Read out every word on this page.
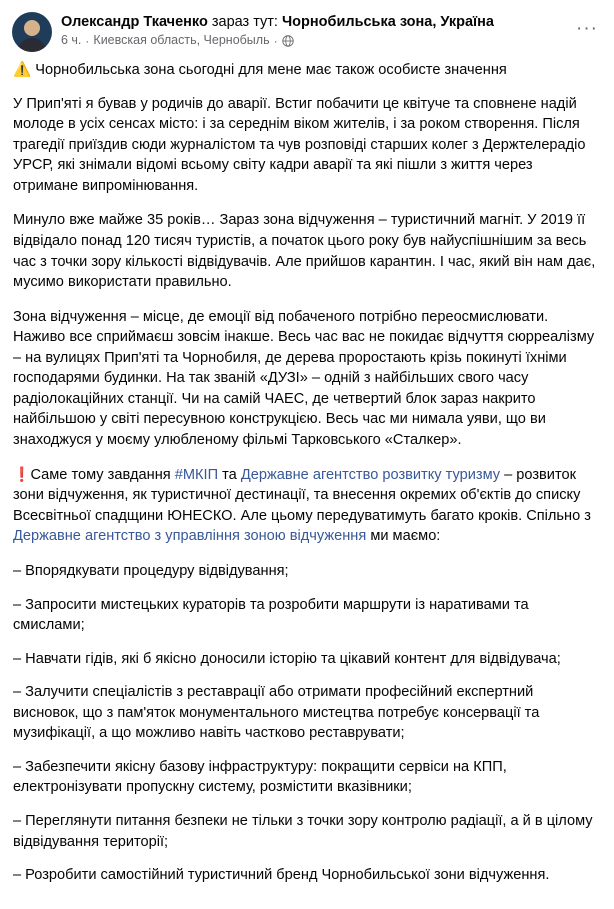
Олександр Ткаченко зараз тут: Чорнобильська зона, Україна
6 ч. · Киевская область, Чернобыль ·
···

⚠️ Чорнобильська зона сьогодні для мене має також особисте значення

У Прип'яті я бував у родичів до аварії. Встиг побачити це квітуче та сповнене надій молоде в усіх сенсах місто: і за середнім віком жителів, і за роком створення. Після трагедії приїздив сюди журналістом та чув розповіді старших колег з Держтелерадіо УРСР, які знімали відомі всьому світу кадри аварії та які пішли з життя через отримане випромінювання.

Минуло вже майже 35 років… Зараз зона відчуження – туристичний магніт. У 2019 її відвідало понад 120 тисяч туристів, а початок цього року був найуспішнішим за весь час з точки зору кількості відвідувачів. Але прийшов карантин. І час, який він нам дає, мусимо використати правильно.

Зона відчуження – місце, де емоції від побаченого потрібно переосмислювати. Наживо все сприймаєш зовсім інакше. Весь час вас не покидає відчуття сюрреалізму – на вулицях Прип'яті та Чорнобиля, де дерева проростають крізь покинуті їхніми господарями будинки. На так званій «ДУЗІ» – одній з найбільших свого часу радіолокаційних станції. Чи на самій ЧАЕС, де четвертий блок зараз накрито найбільшою у світі пересувною конструкцією. Весь час ми нимала уяви, що ви знаходжуся у моєму улюбленому фільмі Тарковського «Сталкер».

❗Саме тому завдання #МКІП та Державне агентство розвитку туризму – розвиток зони відчуження, як туристичної дестинації, та внесення окремих об'єктів до списку Всесвітньої спадщини ЮНЕСКО. Але цьому передуватимуть багато кроків. Спільно з Державне агентство з управління зоною відчуження ми маємо:

– Впорядкувати процедуру відвідування;

– Запросити мистецьких кураторів та розробити маршрути із наративами та смислами;

– Навчати гідів, які б якісно доносили історію та цікавий контент для відвідувача;

– Залучити спеціалістів з реставрації або отримати професійний експертний висновок, що з пам'яток монументального мистецтва потребує консервації та музифікації, а що можливо навіть частково реставрувати;

– Забезпечити якісну базову інфраструктуру: покращити сервіси на КПП, електронізувати пропускну систему, розмістити вказівники;

– Переглянути питання безпеки не тільки з точки зору контролю радіації, а й в цілому відвідування території;

– Розробити самостійний туристичний бренд Чорнобильської зони відчуження.
